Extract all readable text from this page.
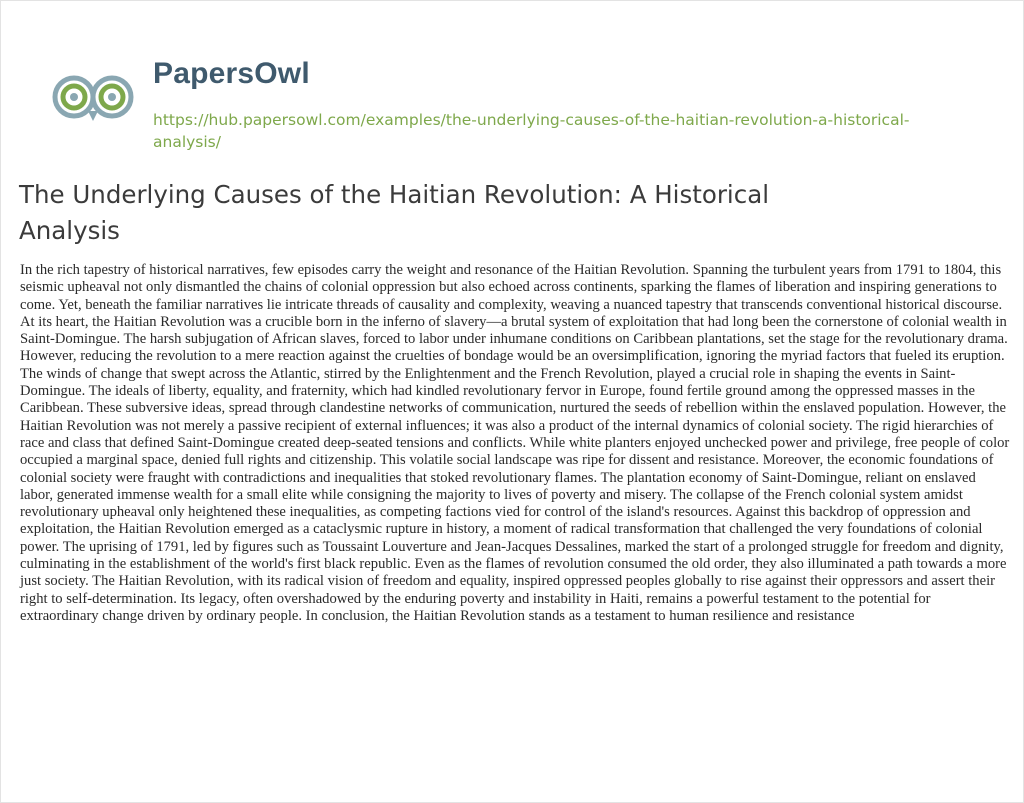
PapersOwl
https://hub.papersowl.com/examples/the-underlying-causes-of-the-haitian-revolution-a-historical-analysis/
The Underlying Causes of the Haitian Revolution: A Historical Analysis

In the rich tapestry of historical narratives, few episodes carry the weight and resonance of the Haitian Revolution. Spanning the turbulent years from 1791 to 1804, this seismic upheaval not only dismantled the chains of colonial oppression but also echoed across continents, sparking the flames of liberation and inspiring generations to come. Yet, beneath the familiar narratives lie intricate threads of causality and complexity, weaving a nuanced tapestry that transcends conventional historical discourse. At its heart, the Haitian Revolution was a crucible born in the inferno of slavery—a brutal system of exploitation that had long been the cornerstone of colonial wealth in Saint-Domingue. The harsh subjugation of African slaves, forced to labor under inhumane conditions on Caribbean plantations, set the stage for the revolutionary drama. However, reducing the revolution to a mere reaction against the cruelties of bondage would be an oversimplification, ignoring the myriad factors that fueled its eruption. The winds of change that swept across the Atlantic, stirred by the Enlightenment and the French Revolution, played a crucial role in shaping the events in Saint-Domingue. The ideals of liberty, equality, and fraternity, which had kindled revolutionary fervor in Europe, found fertile ground among the oppressed masses in the Caribbean. These subversive ideas, spread through clandestine networks of communication, nurtured the seeds of rebellion within the enslaved population. However, the Haitian Revolution was not merely a passive recipient of external influences; it was also a product of the internal dynamics of colonial society. The rigid hierarchies of race and class that defined Saint-Domingue created deep-seated tensions and conflicts. While white planters enjoyed unchecked power and privilege, free people of color occupied a marginal space, denied full rights and citizenship. This volatile social landscape was ripe for dissent and resistance. Moreover, the economic foundations of colonial society were fraught with contradictions and inequalities that stoked revolutionary flames. The plantation economy of Saint-Domingue, reliant on enslaved labor, generated immense wealth for a small elite while consigning the majority to lives of poverty and misery. The collapse of the French colonial system amidst revolutionary upheaval only heightened these inequalities, as competing factions vied for control of the island's resources. Against this backdrop of oppression and exploitation, the Haitian Revolution emerged as a cataclysmic rupture in history, a moment of radical transformation that challenged the very foundations of colonial power. The uprising of 1791, led by figures such as Toussaint Louverture and Jean-Jacques Dessalines, marked the start of a prolonged struggle for freedom and dignity, culminating in the establishment of the world's first black republic. Even as the flames of revolution consumed the old order, they also illuminated a path towards a more just society. The Haitian Revolution, with its radical vision of freedom and equality, inspired oppressed peoples globally to rise against their oppressors and assert their right to self-determination. Its legacy, often overshadowed by the enduring poverty and instability in Haiti, remains a powerful testament to the potential for extraordinary change driven by ordinary people. In conclusion, the Haitian Revolution stands as a testament to human resilience and resistance
